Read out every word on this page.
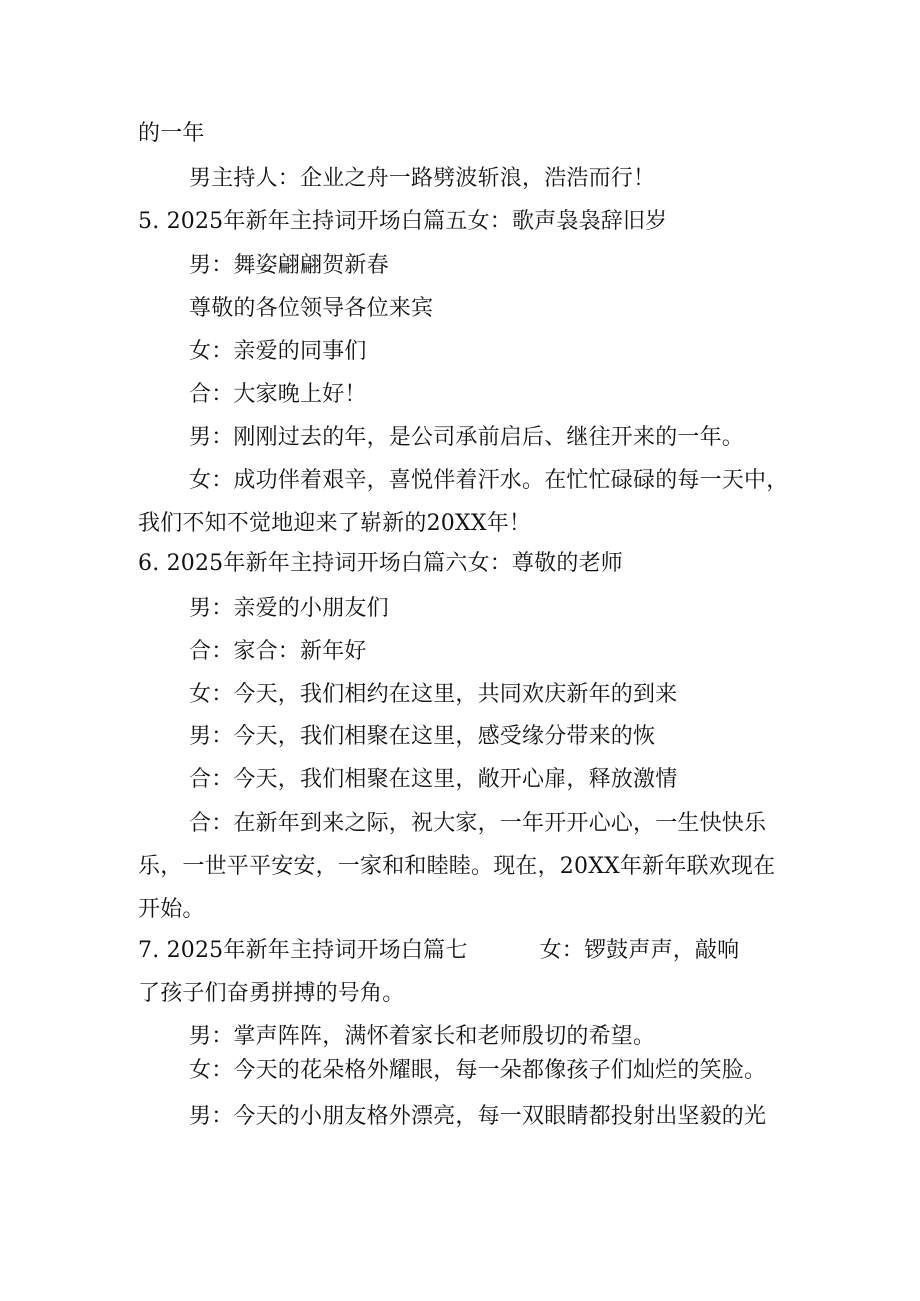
的一年
男主持人：企业之舟一路劈波斩浪，浩浩而行！
5. 2025年新年主持词开场白篇五女：歌声袅袅辞旧岁
男：舞姿翩翩贺新春
尊敬的各位领导各位来宾
女：亲爱的同事们
合：大家晚上好！
男：刚刚过去的年，是公司承前启后、继往开来的一年。
女：成功伴着艰辛，喜悦伴着汗水。在忙忙碌碌的每一天中，
我们不知不觉地迎来了崭新的20XX年！
6. 2025年新年主持词开场白篇六女：尊敬的老师
男：亲爱的小朋友们
合：家合：新年好
女：今天，我们相约在这里，共同欢庆新年的到来
男：今天，我们相聚在这里，感受缘分带来的恢
合：今天，我们相聚在这里，敞开心扉，释放激情
合：在新年到来之际，祝大家，一年开开心心，一生快快乐
乐，一世平平安安，一家和和睦睦。现在，20XX年新年联欢现在
开始。
7. 2025年新年主持词开场白篇七	女：锣鼓声声，敲响
了孩子们奋勇拼搏的号角。
男：掌声阵阵，满怀着家长和老师殷切的希望。
女：今天的花朵格外耀眼，每一朵都像孩子们灿烂的笑脸。
男：今天的小朋友格外漂亮，每一双眼睛都投射出坚毅的光
